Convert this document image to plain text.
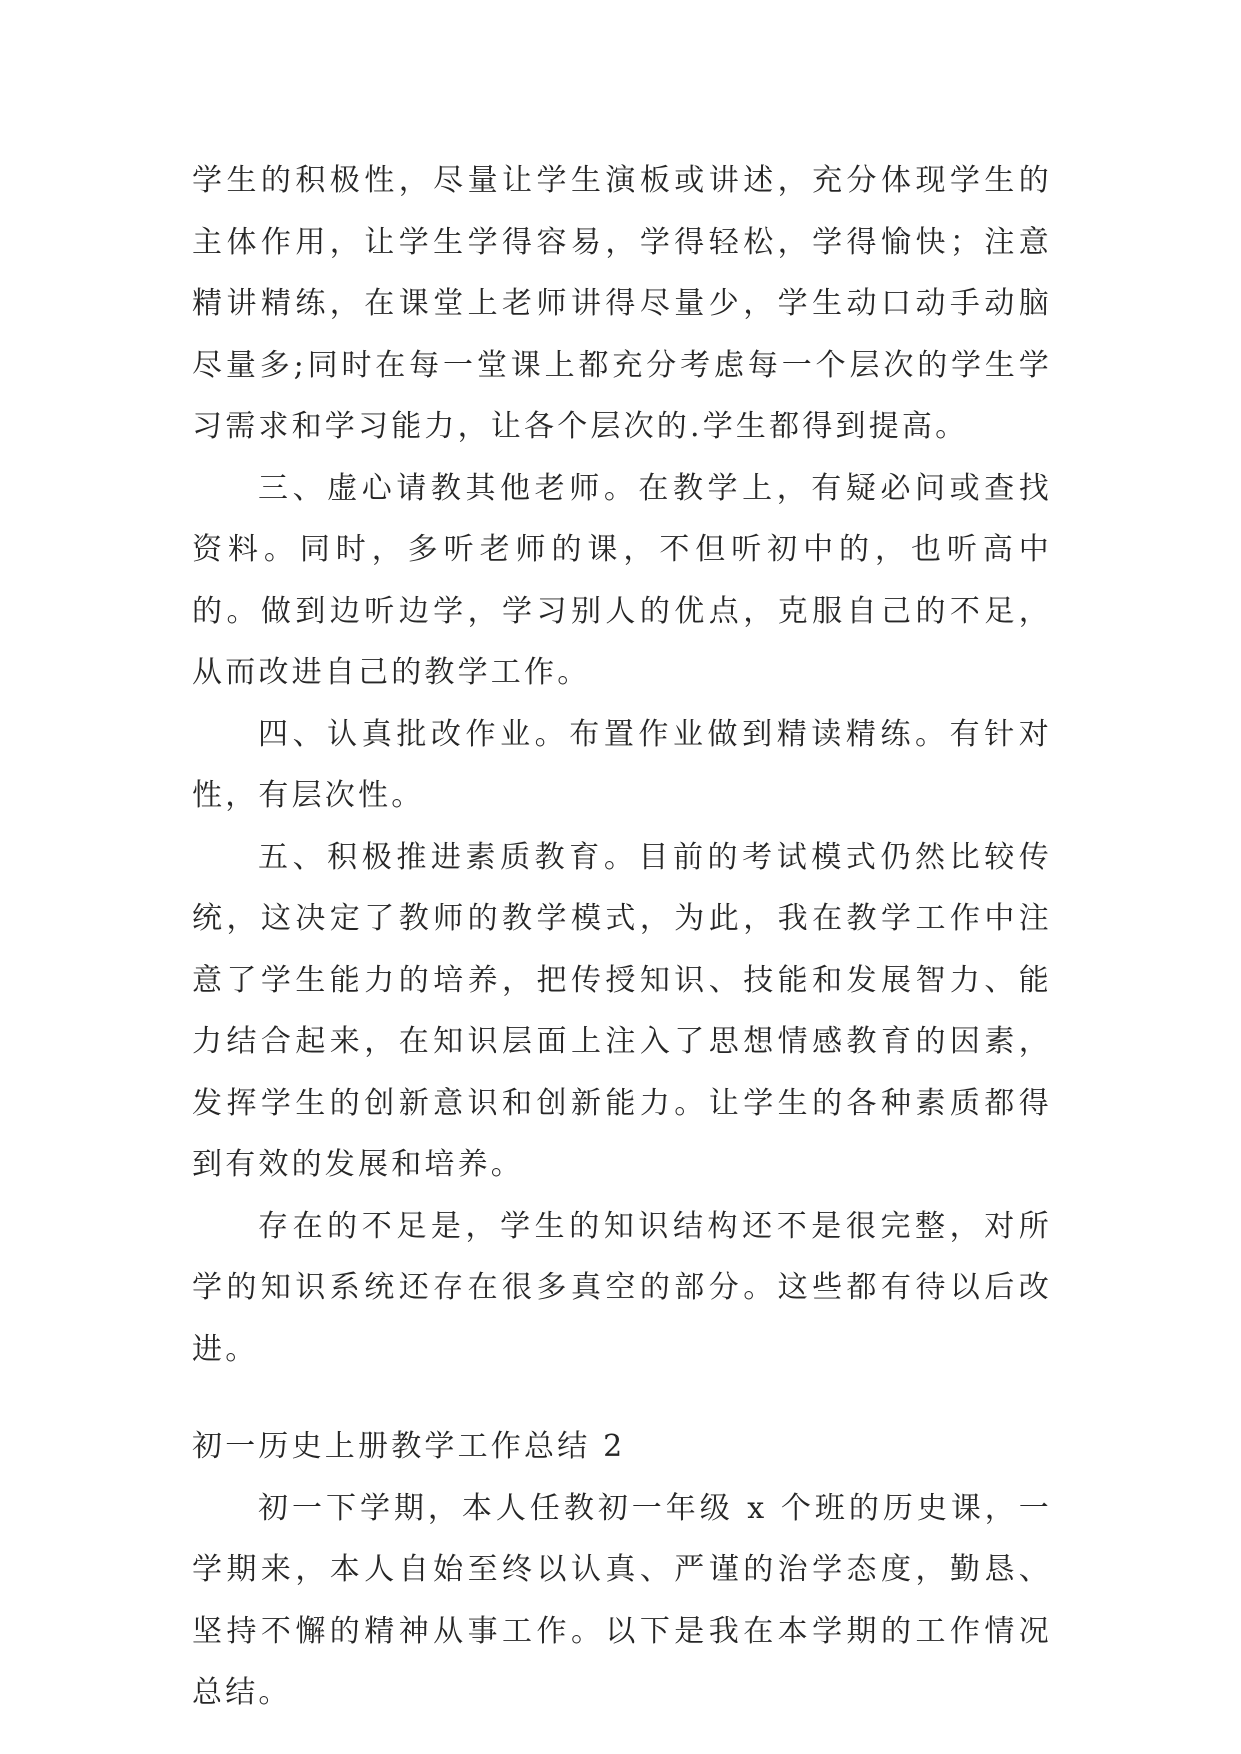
学生的积极性，尽量让学生演板或讲述，充分体现学生的主体作用，让学生学得容易，学得轻松，学得愉快；注意精讲精练，在课堂上老师讲得尽量少，学生动口动手动脑尽量多;同时在每一堂课上都充分考虑每一个层次的学生学习需求和学习能力，让各个层次的.学生都得到提高。

三、虚心请教其他老师。在教学上，有疑必问或查找资料。同时，多听老师的课，不但听初中的，也听高中的。做到边听边学，学习别人的优点，克服自己的不足，从而改进自己的教学工作。

四、认真批改作业。布置作业做到精读精练。有针对性，有层次性。

五、积极推进素质教育。目前的考试模式仍然比较传统，这决定了教师的教学模式，为此，我在教学工作中注意了学生能力的培养，把传授知识、技能和发展智力、能力结合起来，在知识层面上注入了思想情感教育的因素，发挥学生的创新意识和创新能力。让学生的各种素质都得到有效的发展和培养。

存在的不足是，学生的知识结构还不是很完整，对所学的知识系统还存在很多真空的部分。这些都有待以后改进。

初一历史上册教学工作总结 2

初一下学期，本人任教初一年级 x 个班的历史课，一学期来，本人自始至终以认真、严谨的治学态度，勤恳、坚持不懈的精神从事工作。以下是我在本学期的工作情况总结。
